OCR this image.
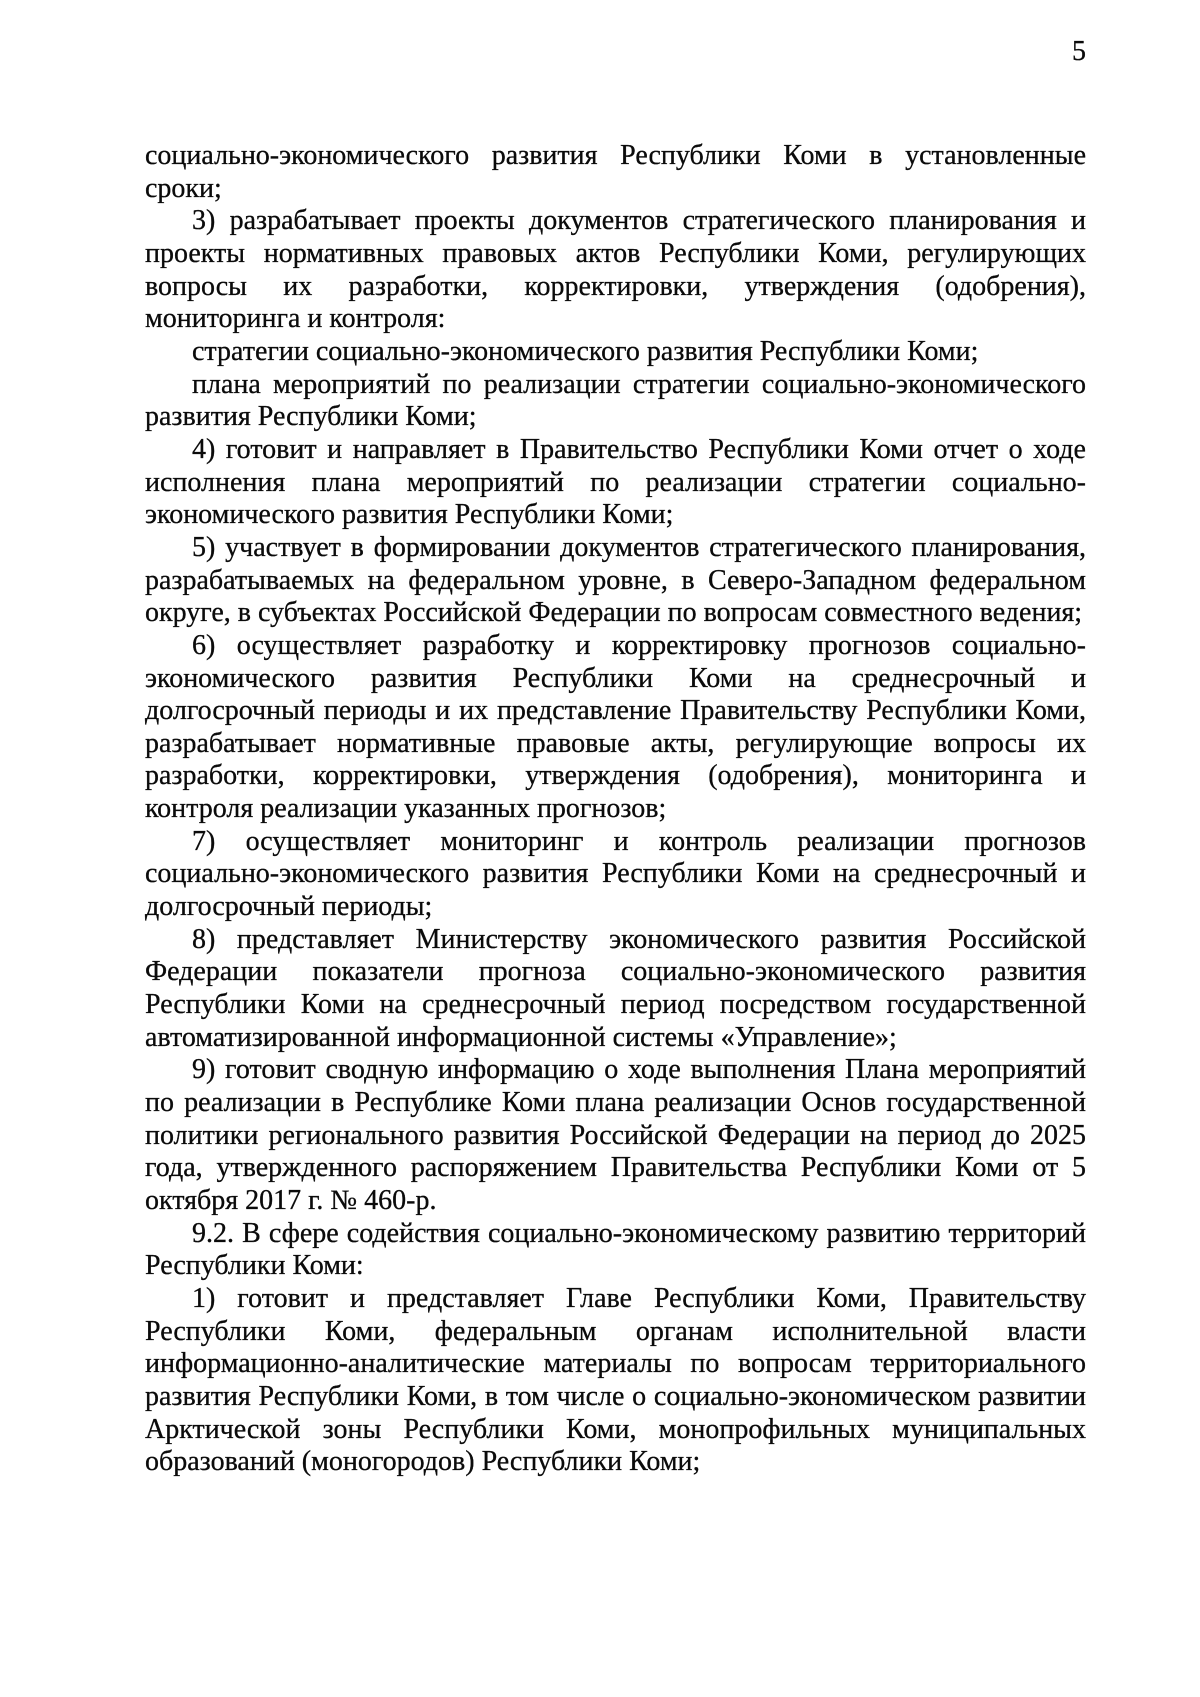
5

социально-экономического развития Республики Коми в установленные сроки;

3) разрабатывает проекты документов стратегического планирования и проекты нормативных правовых актов Республики Коми, регулирующих вопросы их разработки, корректировки, утверждения (одобрения), мониторинга и контроля:

стратегии социально-экономического развития Республики Коми;

плана мероприятий по реализации стратегии социально-экономического развития Республики Коми;

4) готовит и направляет в Правительство Республики Коми отчет о ходе исполнения плана мероприятий по реализации стратегии социально-экономического развития Республики Коми;

5) участвует в формировании документов стратегического планирования, разрабатываемых на федеральном уровне, в Северо-Западном федеральном округе, в субъектах Российской Федерации по вопросам совместного ведения;

6) осуществляет разработку и корректировку прогнозов социально-экономического развития Республики Коми на среднесрочный и долгосрочный периоды и их представление Правительству Республики Коми, разрабатывает нормативные правовые акты, регулирующие вопросы их разработки, корректировки, утверждения (одобрения), мониторинга и контроля реализации указанных прогнозов;

7) осуществляет мониторинг и контроль реализации прогнозов социально-экономического развития Республики Коми на среднесрочный и долгосрочный периоды;

8) представляет Министерству экономического развития Российской Федерации показатели прогноза социально-экономического развития Республики Коми на среднесрочный период посредством государственной автоматизированной информационной системы «Управление»;

9) готовит сводную информацию о ходе выполнения Плана мероприятий по реализации в Республике Коми плана реализации Основ государственной политики регионального развития Российской Федерации на период до 2025 года, утвержденного распоряжением Правительства Республики Коми от 5 октября 2017 г. № 460-р.

9.2. В сфере содействия социально-экономическому развитию территорий Республики Коми:

1) готовит и представляет Главе Республики Коми, Правительству Республики Коми, федеральным органам исполнительной власти информационно-аналитические материалы по вопросам территориального развития Республики Коми, в том числе о социально-экономическом развитии Арктической зоны Республики Коми, монопрофильных муниципальных образований (моногородов) Республики Коми;
